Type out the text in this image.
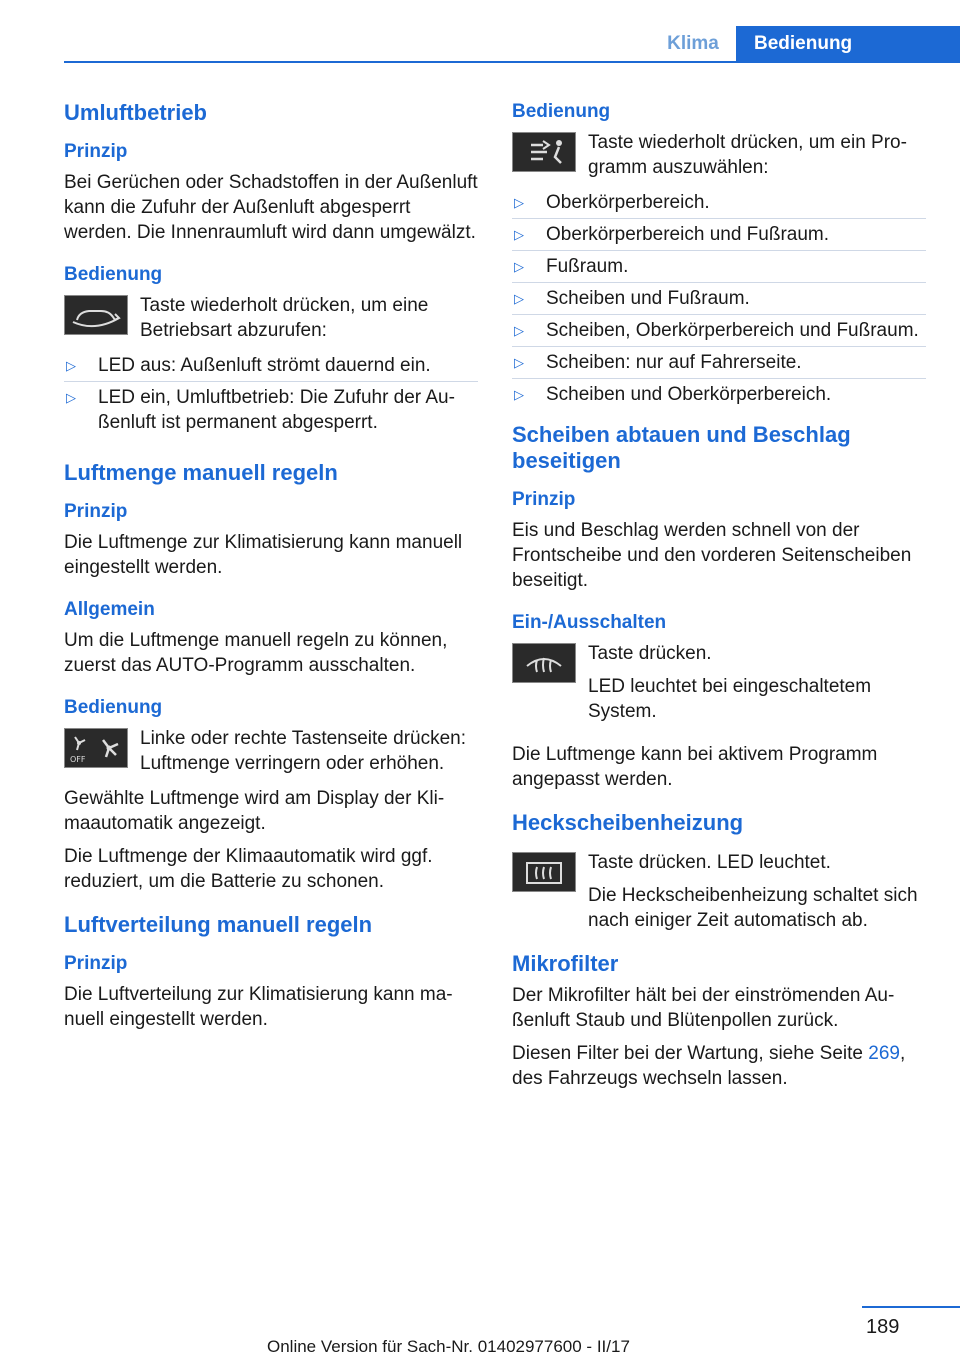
Klima	Bedienung
Umluftbetrieb
Prinzip

Bei Gerüchen oder Schadstoffen in der Außenluft kann die Zufuhr der Außenluft abgesperrt werden. Die Innenraumluft wird dann umgewälzt.

Bedienung

Taste wiederholt drücken, um eine Betriebsart abzurufen:

▷ LED aus: Außenluft strömt dauernd ein.
▷ LED ein, Umluftbetrieb: Die Zufuhr der Außenluft ist permanent abgesperrt.
Luftmenge manuell regeln
Prinzip

Die Luftmenge zur Klimatisierung kann manuell eingestellt werden.

Allgemein

Um die Luftmenge manuell regeln zu können, zuerst das AUTO-Programm ausschalten.

Bedienung
OFF

Linke oder rechte Tastenseite drücken: Luftmenge verringern oder erhöhen.

Gewählte Luftmenge wird am Display der Klimaautomatik angezeigt.

Die Luftmenge der Klimaautomatik wird ggf. reduziert, um die Batterie zu schonen.

Luftverteilung manuell regeln
Prinzip

Die Luftverteilung zur Klimatisierung kann manuell eingestellt werden.

Bedienung

Taste wiederholt drücken, um ein Programm auszuwählen:

▷ Oberkörperbereich.
▷ Oberkörperbereich und Fußraum.
▷ Fußraum.
▷ Scheiben und Fußraum.
▷ Scheiben, Oberkörperbereich und Fußraum.
▷ Scheiben: nur auf Fahrerseite.
▷ Scheiben und Oberkörperbereich.
Scheiben abtauen und Beschlag beseitigen
Prinzip

Eis und Beschlag werden schnell von der Frontscheibe und den vorderen Seitenscheiben beseitigt.

Ein-/Ausschalten

Taste drücken.

LED leuchtet bei eingeschaltetem System.

Die Luftmenge kann bei aktivem Programm angepasst werden.

Heckscheibenheizung

Taste drücken. LED leuchtet.

Die Heckscheibenheizung schaltet sich nach einiger Zeit automatisch ab.

Mikrofilter

Der Mikrofilter hält bei der einströmenden Außenluft Staub und Blütenpollen zurück.

Diesen Filter bei der Wartung, siehe Seite 269, des Fahrzeugs wechseln lassen.

189
Online Version für Sach-Nr. 01402977600 - II/17
